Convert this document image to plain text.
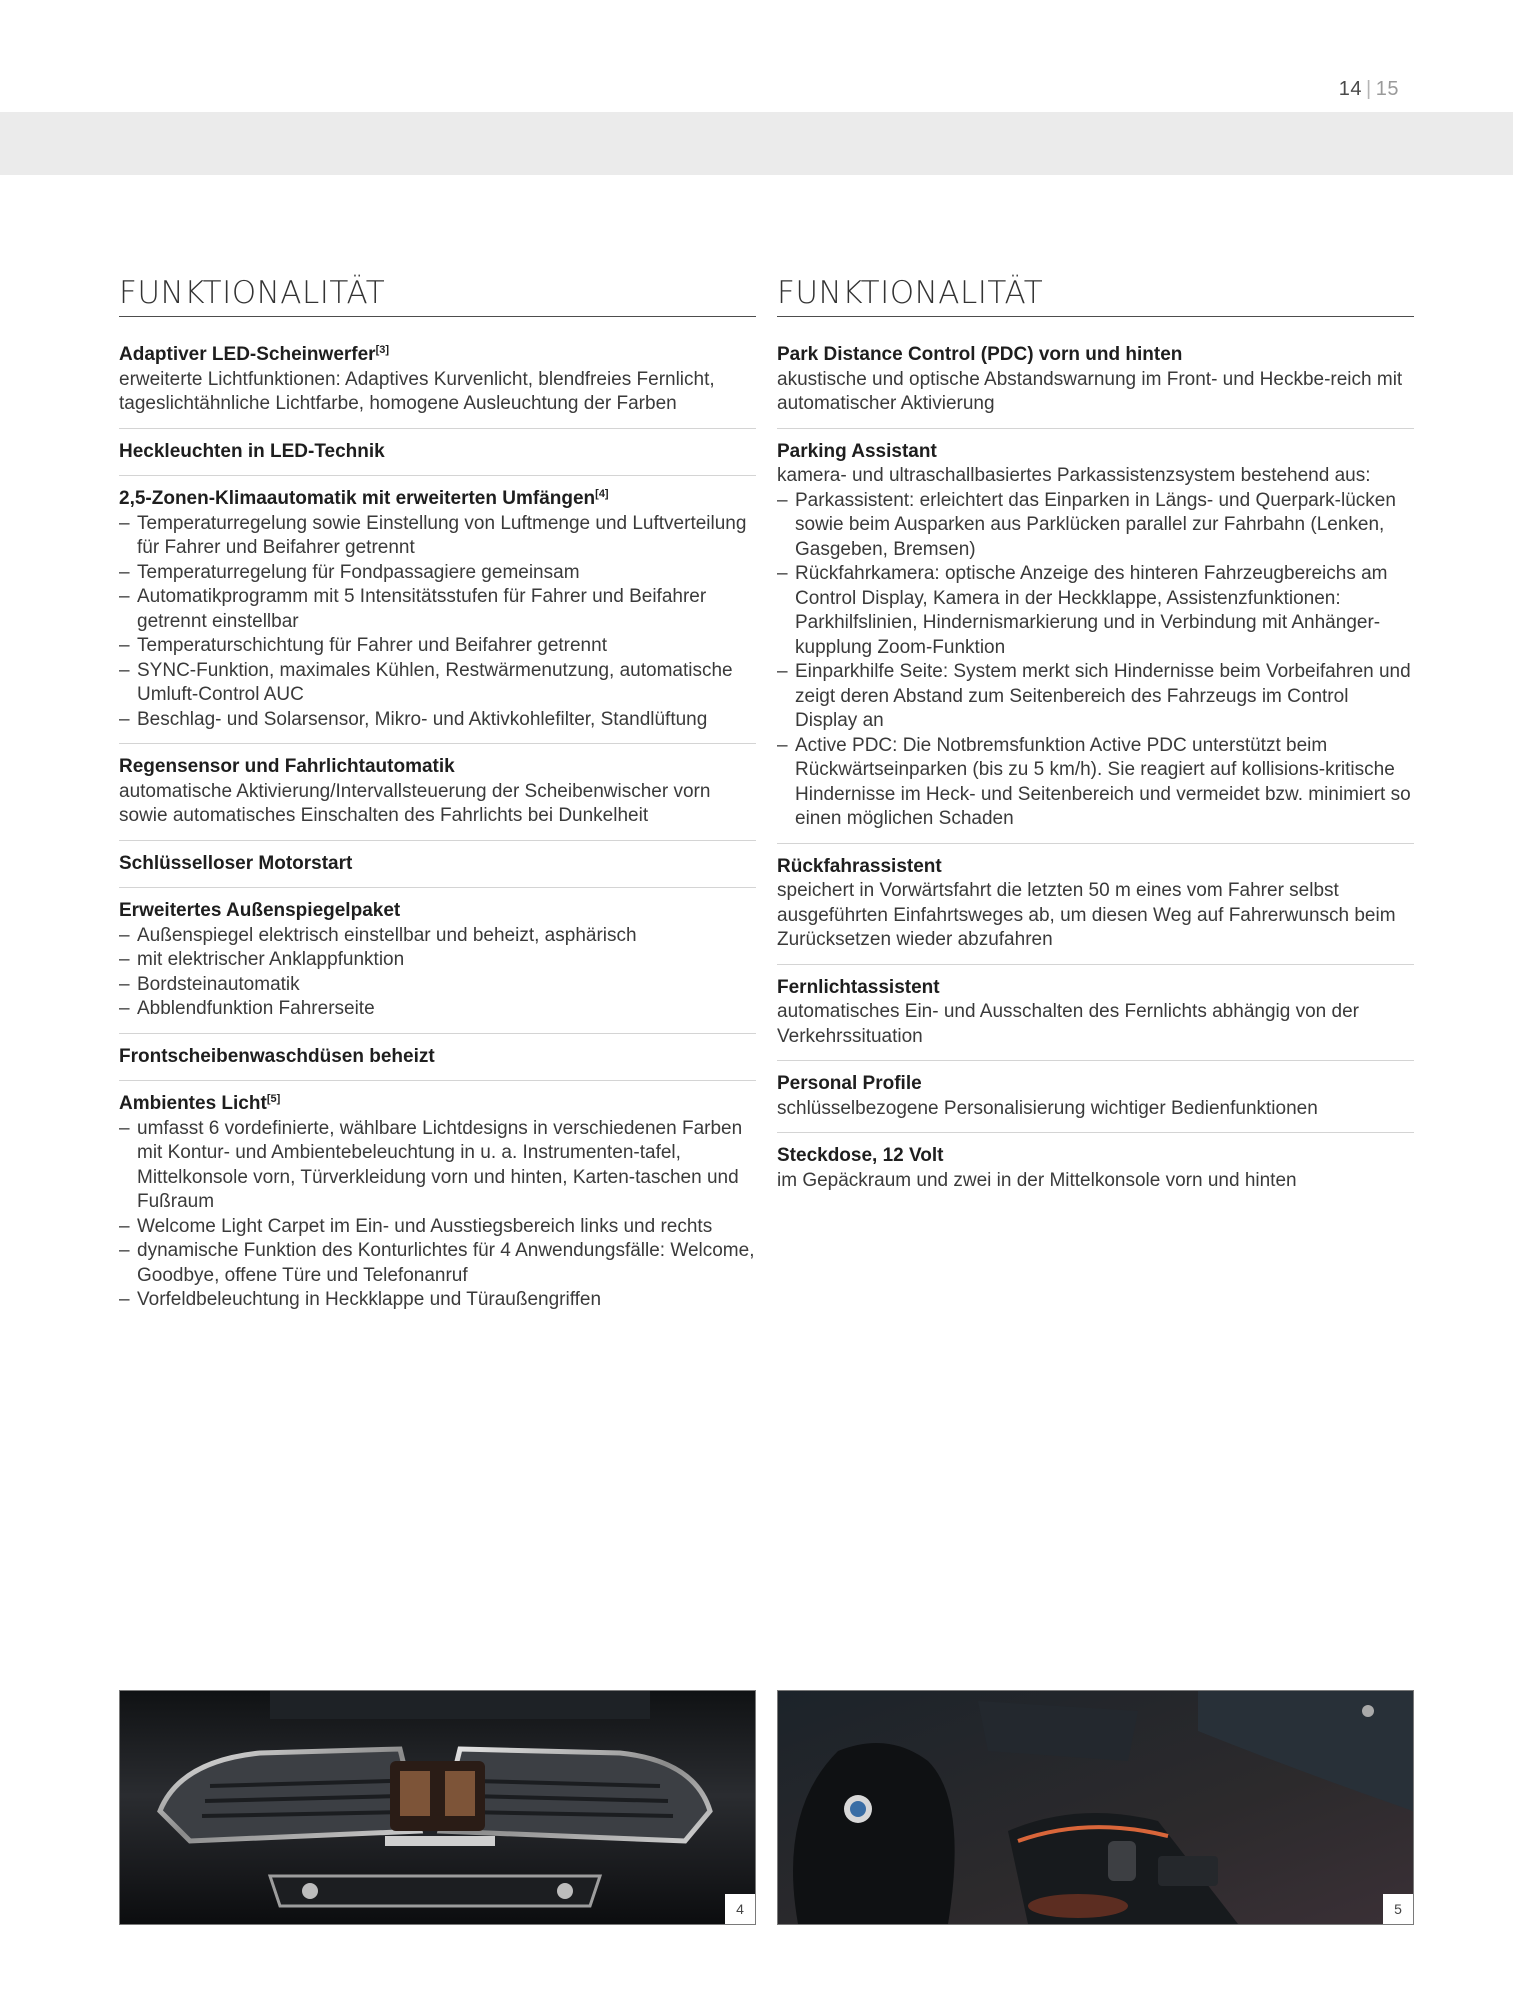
14 | 15
FUNKTIONALITÄT
Adaptiver LED-Scheinwerfer[3]
erweiterte Lichtfunktionen: Adaptives Kurvenlicht, blendfreies Fernlicht, tageslichtähnliche Lichtfarbe, homogene Ausleuchtung der Farben
Heckleuchten in LED-Technik
2,5-Zonen-Klimaautomatik mit erweiterten Umfängen[4]
– Temperaturregelung sowie Einstellung von Luftmenge und Luftverteilung für Fahrer und Beifahrer getrennt
– Temperaturregelung für Fondpassagiere gemeinsam
– Automatikprogramm mit 5 Intensitätsstufen für Fahrer und Beifahrer getrennt einstellbar
– Temperaturschichtung für Fahrer und Beifahrer getrennt
– SYNC-Funktion, maximales Kühlen, Restwärmenutzung, automatische Umluft-Control AUC
– Beschlag- und Solarsensor, Mikro- und Aktivkohlefilter, Standlüftung
Regensensor und Fahrlichtautomatik
automatische Aktivierung/Intervallsteuerung der Scheibenwischer vorn sowie automatisches Einschalten des Fahrlichts bei Dunkelheit
Schlüsselloser Motorstart
Erweitertes Außenspiegelpaket
– Außenspiegel elektrisch einstellbar und beheizt, asphärisch
– mit elektrischer Anklappfunktion
– Bordsteinautomatik
– Abblendfunktion Fahrerseite
Frontscheibenwaschdüsen beheizt
Ambientes Licht[5]
– umfasst 6 vordefinierte, wählbare Lichtdesigns in verschiedenen Farben mit Kontur- und Ambientebeleuchtung in u. a. Instrumenten-tafel, Mittelkonsole vorn, Türverkleidung vorn und hinten, Karten-taschen und Fußraum
– Welcome Light Carpet im Ein- und Ausstiegsbereich links und rechts
– dynamische Funktion des Konturlichtes für 4 Anwendungsfälle: Welcome, Goodbye, offene Türe und Telefonanruf
– Vorfeldbeleuchtung in Heckklappe und Türaußengriffen
FUNKTIONALITÄT
Park Distance Control (PDC) vorn und hinten
akustische und optische Abstandswarnung im Front- und Heckbe-reich mit automatischer Aktivierung
Parking Assistant
kamera- und ultraschallbasiertes Parkassistenzsystem bestehend aus:
– Parkassistent: erleichtert das Einparken in Längs- und Querpark-lücken sowie beim Ausparken aus Parklücken parallel zur Fahrbahn (Lenken, Gasgeben, Bremsen)
– Rückfahrkamera: optische Anzeige des hinteren Fahrzeugbereichs am Control Display, Kamera in der Heckklappe, Assistenzfunktionen: Parkhilfslinien, Hindernismarkierung und in Verbindung mit Anhänger-kupplung Zoom-Funktion
– Einparkhilfe Seite: System merkt sich Hindernisse beim Vorbeifahren und zeigt deren Abstand zum Seitenbereich des Fahrzeugs im Control Display an
– Active PDC: Die Notbremsfunktion Active PDC unterstützt beim Rückwärtseinparken (bis zu 5 km/h). Sie reagiert auf kollisions-kritische Hindernisse im Heck- und Seitenbereich und vermeidet bzw. minimiert so einen möglichen Schaden
Rückfahrassistent
speichert in Vorwärtsfahrt die letzten 50 m eines vom Fahrer selbst ausgeführten Einfahrtsweges ab, um diesen Weg auf Fahrerwunsch beim Zurücksetzen wieder abzufahren
Fernlichtassistent
automatisches Ein- und Ausschalten des Fernlichts abhängig von der Verkehrssituation
Personal Profile
schlüsselbezogene Personalisierung wichtiger Bedienfunktionen
Steckdose, 12 Volt
im Gepäckraum und zwei in der Mittelkonsole vorn und hinten
4	5
